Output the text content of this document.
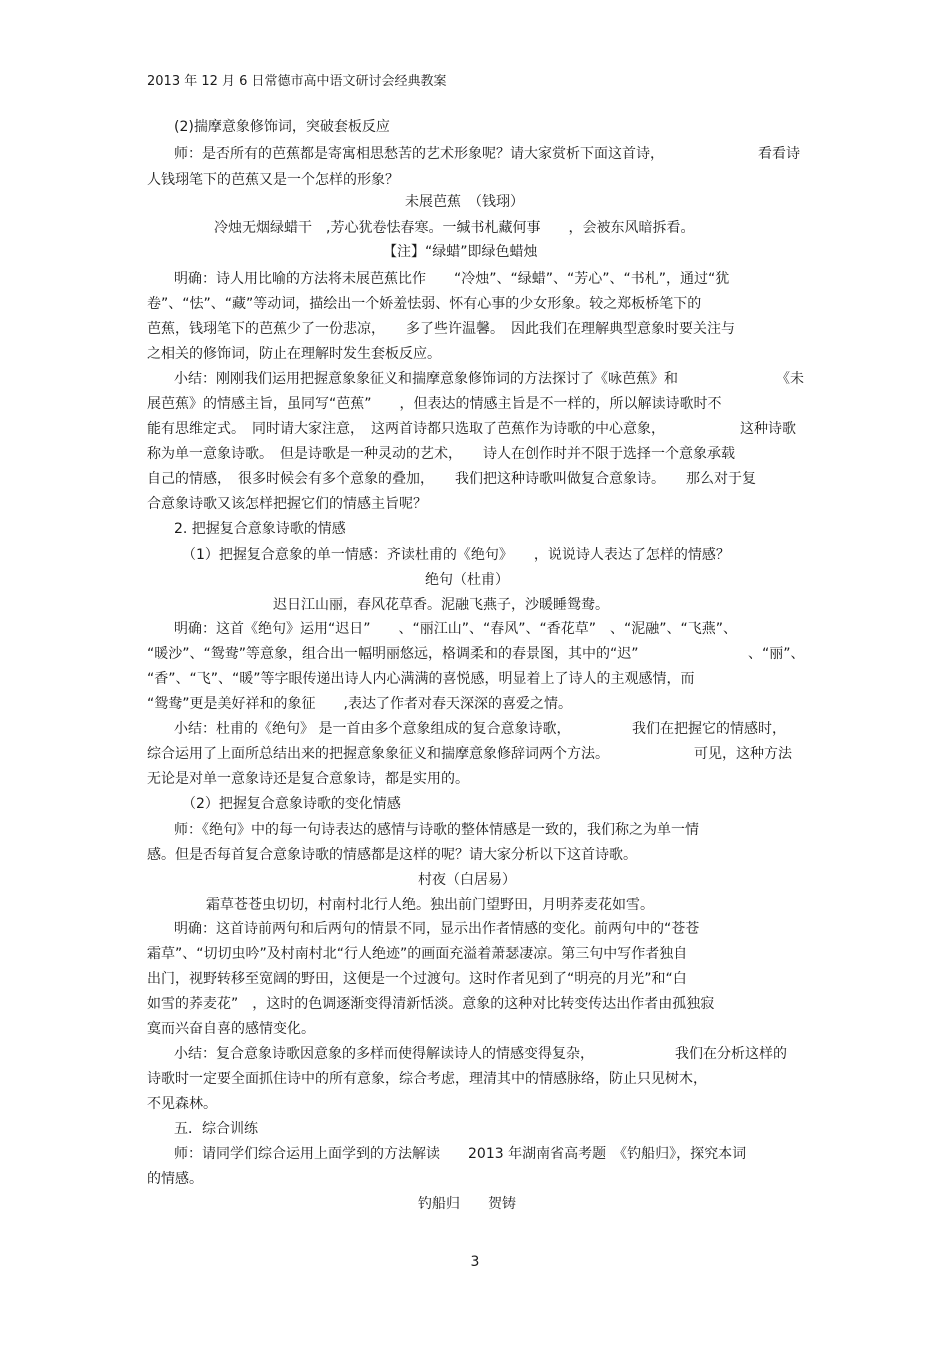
2013 年 12 月 6 日常德市高中语文研讨会经典教案
(2)揣摩意象修饰词，突破套板反应
师：是否所有的芭蕉都是寄寓相思愁苦的艺术形象呢？请大家赏析下面这首诗，	看看诗
人钱珝笔下的芭蕉又是一个怎样的形象？
未展芭蕉　（钱珝）
冷烛无烟绿蜡干　,芳心犹卷怯春寒。一缄书札藏何事　　，会被东风暗拆看。
【注】“绿蜡”即绿色蜡烛
明确：诗人用比喻的方法将未展芭蕉比作　　“冷烛”、“绿蜡”、“芳心”、“书札”，通过“犹
卷”、“怯”、“藏”等动词，描绘出一个娇羞怯弱、怀有心事的少女形象。较之郑板桥笔下的
芭蕉，钱珝笔下的芭蕉少了一份悲凉，　　多了些许温馨。　因此我们在理解典型意象时要关注与
之相关的修饰词，防止在理解时发生套板反应。
小结：刚刚我们运用把握意象象征义和揣摩意象修饰词的方法探讨了《咏芭蕉》和	《未
展芭蕉》的情感主旨，虽同写“芭蕉”　　，但表达的情感主旨是不一样的，所以解读诗歌时不
能有思维定式。　同时请大家注意，　这两首诗都只选取了芭蕉作为诗歌的中心意象，	这种诗歌
称为单一意象诗歌。　但是诗歌是一种灵动的艺术，　　诗人在创作时并不限于选择一个意象承载
自己的情感，　很多时候会有多个意象的叠加，　　我们把这种诗歌叫做复合意象诗。　　那么对于复
合意象诗歌又该怎样把握它们的情感主旨呢？
2. 把握复合意象诗歌的情感
（1）把握复合意象的单一情感：齐读杜甫的《绝句》　　，说说诗人表达了怎样的情感？
绝句（杜甫）
迟日江山丽，春风花草香。泥融飞燕子，沙暖睡鸳鸯。
明确：这首《绝句》运用“迟日”　　、“丽江山”、“春风”、“香花草”　、“泥融”、“飞燕”、
“暖沙”、“鸳鸯”等意象，组合出一幅明丽悠远，格调柔和的春景图，其中的“迟”	、“丽”、
“香”、“飞”、“暖”等字眼传递出诗人内心满满的喜悦感，明显着上了诗人的主观感情，而
“鸳鸯”更是美好祥和的象征　　,表达了作者对春天深深的喜爱之情。
小结：杜甫的《绝句》 是一首由多个意象组成的复合意象诗歌，	我们在把握它的情感时，
综合运用了上面所总结出来的把握意象象征义和揣摩意象修辞词两个方法。	可见，这种方法
无论是对单一意象诗还是复合意象诗，都是实用的。
（2）把握复合意象诗歌的变化情感
师：《绝句》中的每一句诗表达的感情与诗歌的整体情感是一致的，我们称之为单一情
感。但是否每首复合意象诗歌的情感都是这样的呢？请大家分析以下这首诗歌。
村夜（白居易）
霜草苍苍虫切切，村南村北行人绝。独出前门望野田，月明荞麦花如雪。
明确：这首诗前两句和后两句的情景不同，显示出作者情感的变化。前两句中的“苍苍
霜草”、“切切虫吟”及村南村北“行人绝迹”的画面充溢着萧瑟凄凉。第三句中写作者独自
出门，视野转移至宽阔的野田，这便是一个过渡句。这时作者见到了“明亮的月光”和“白
如雪的荞麦花”　，这时的色调逐渐变得清新恬淡。意象的这种对比转变传达出作者由孤独寂
寞而兴奋自喜的感情变化。
小结：复合意象诗歌因意象的多样而使得解读诗人的情感变得复杂，	我们在分析这样的
诗歌时一定要全面抓住诗中的所有意象，综合考虑，理清其中的情感脉络，防止只见树木，
不见森林。
五．综合训练
师：请同学们综合运用上面学到的方法解读　　2013 年湖南省高考题　《钓船归》，探究本词
的情感。
钓船归　　贺铸
3
